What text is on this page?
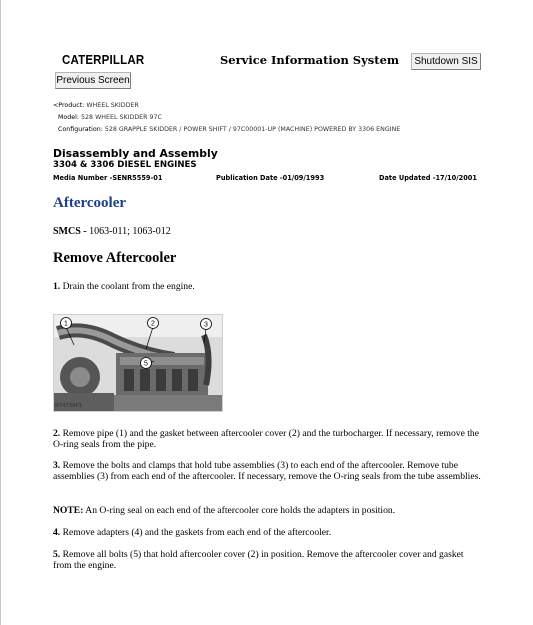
CATERPILLAR	Service Information System	Shutdown SIS
Previous Screen
<Product: WHEEL SKIDDER
Model: 528 WHEEL SKIDDER 97C
Configuration: 528 GRAPPLE SKIDDER / POWER SHIFT / 97C00001-UP (MACHINE) POWERED BY 3306 ENGINE
Disassembly and Assembly
3304 & 3306 DIESEL ENGINES
Media Number -SENR5559-01	Publication Date -01/09/1993	Date Updated -17/10/2001
Aftercooler
SMCS - 1063-011; 1063-012
Remove Aftercooler
1. Drain the coolant from the engine.
1	2	3
5
B74739P1
2. Remove pipe (1) and the gasket between aftercooler cover (2) and the turbocharger. If necessary, remove the O-ring seals from the pipe.
3. Remove the bolts and clamps that hold tube assemblies (3) to each end of the aftercooler. Remove tube assemblies (3) from each end of the aftercooler. If necessary, remove the O-ring seals from the tube assemblies.
NOTE: An O-ring seal on each end of the aftercooler core holds the adapters in position.
4. Remove adapters (4) and the gaskets from each end of the aftercooler.
5. Remove all bolts (5) that hold aftercooler cover (2) in position. Remove the aftercooler cover and gasket from the engine.
